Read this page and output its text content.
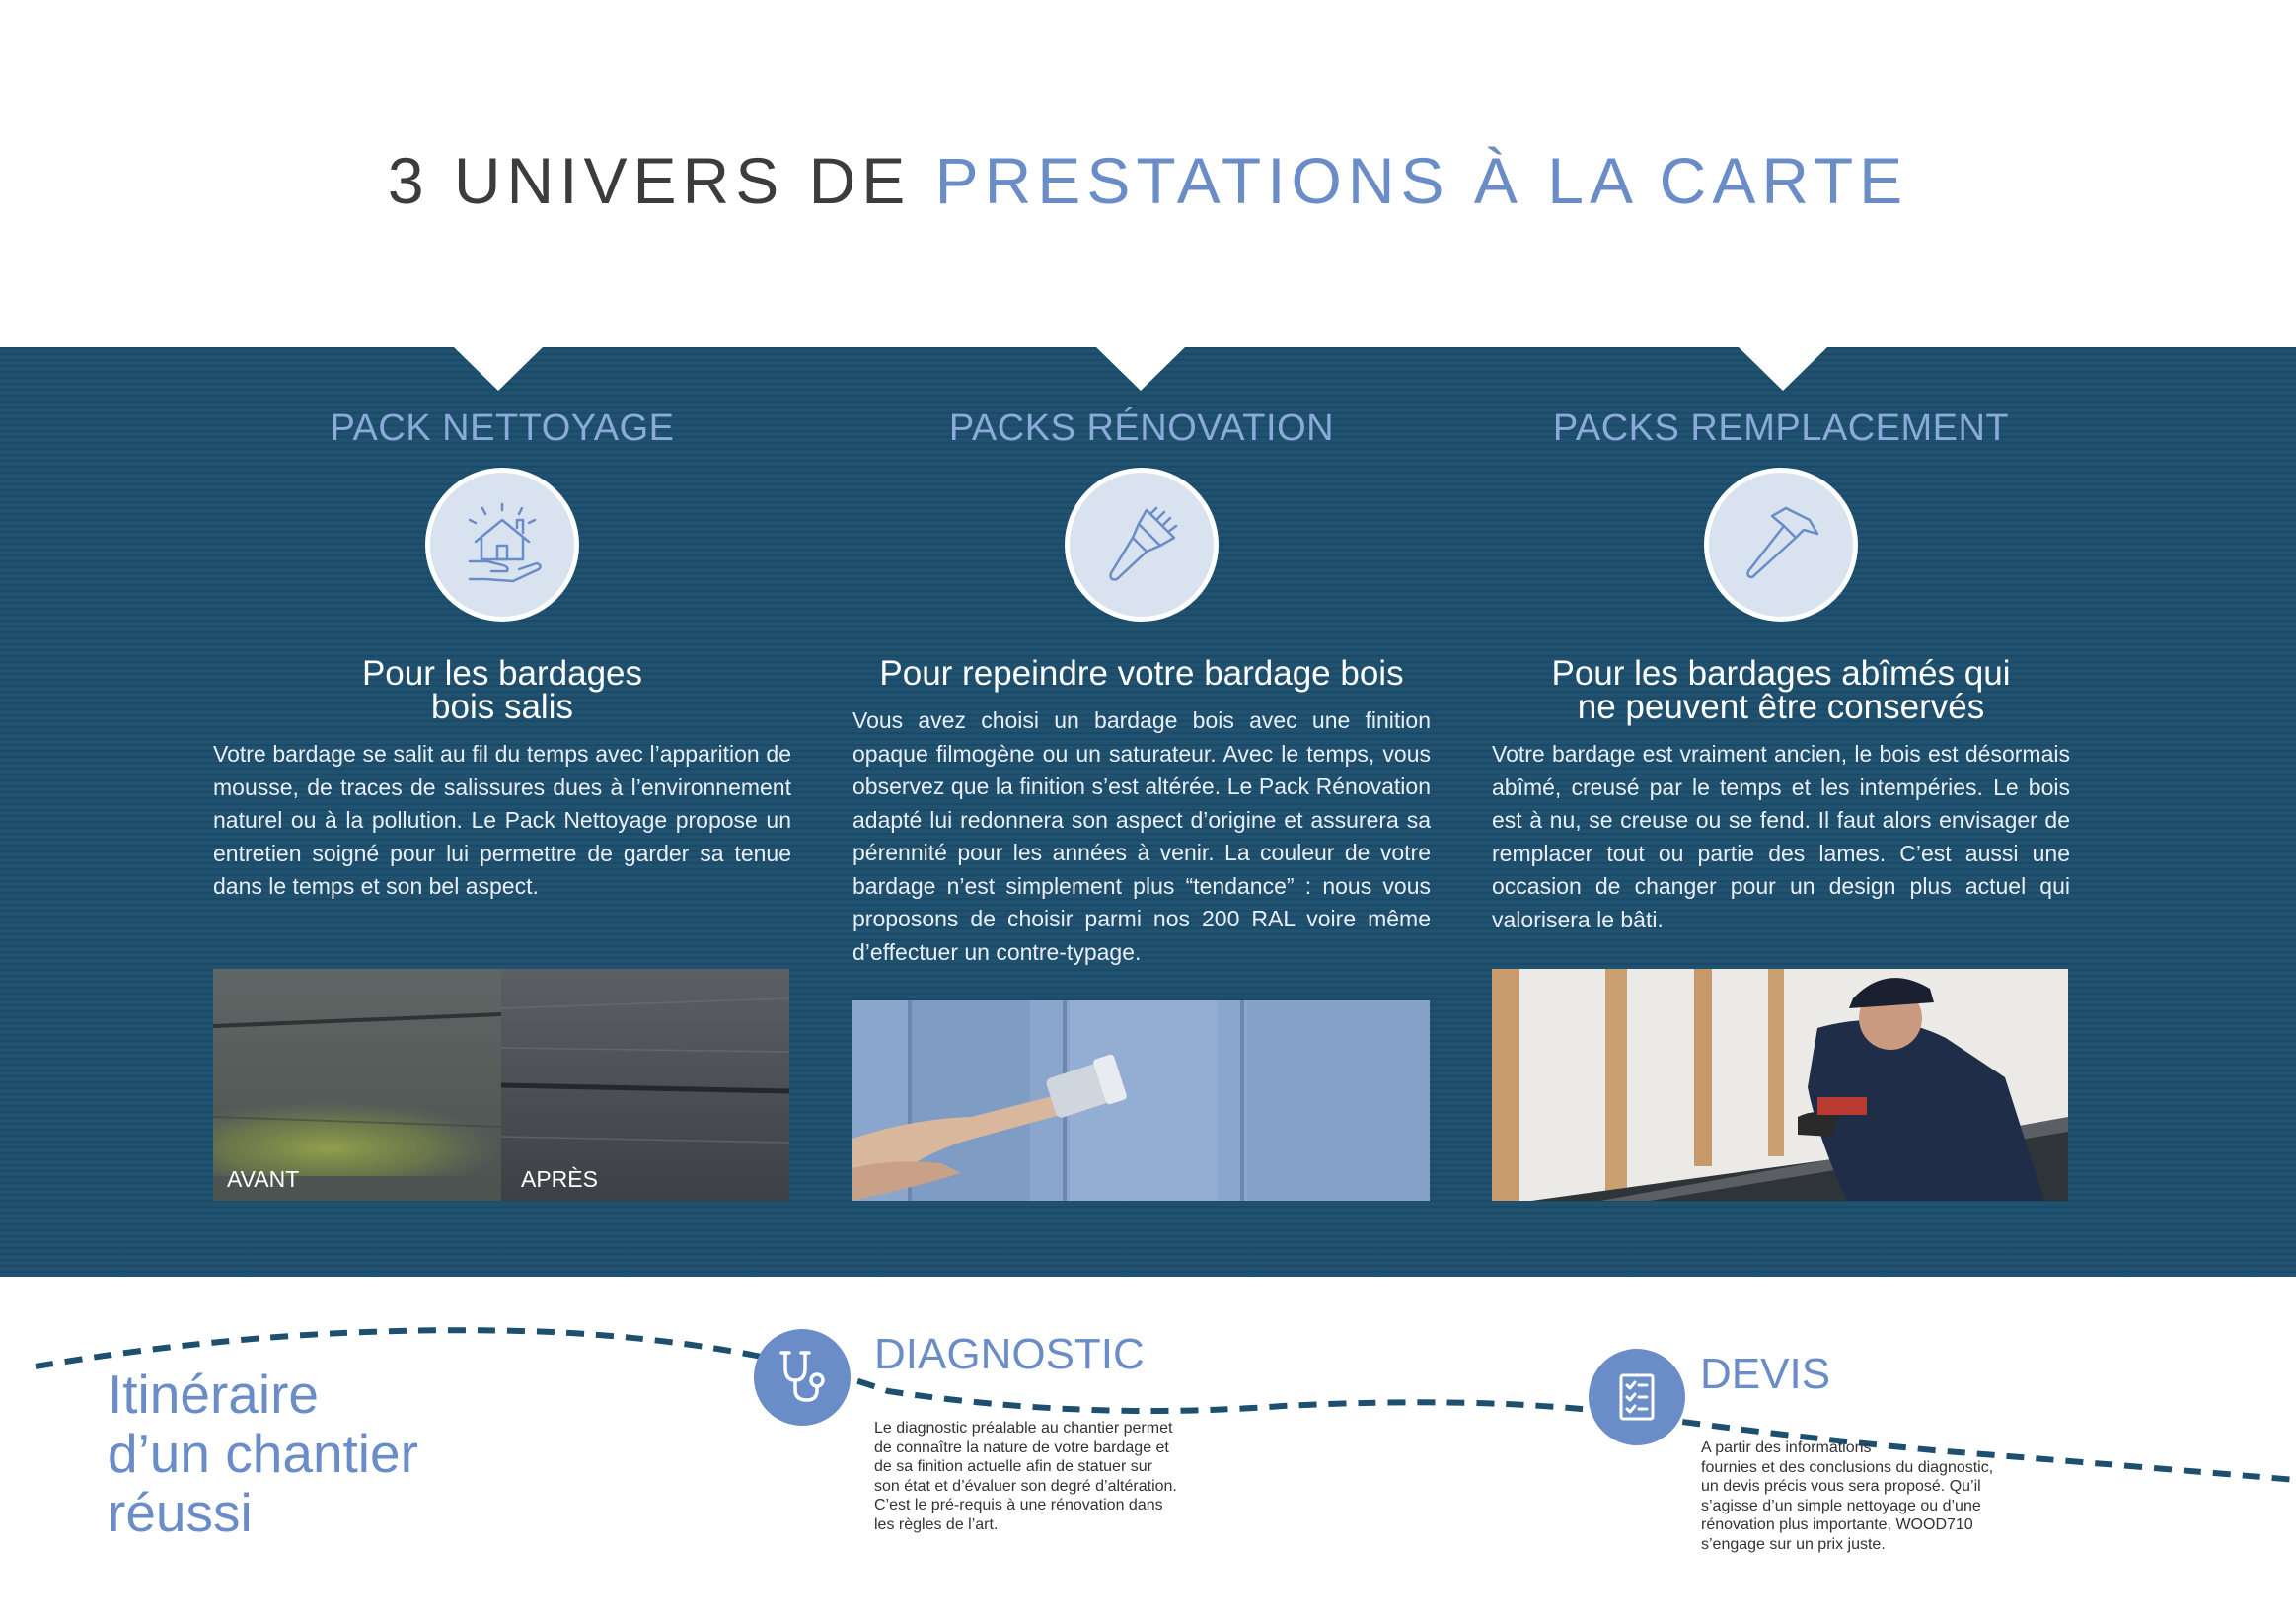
3 UNIVERS DE PRESTATIONS À LA CARTE
PACK NETTOYAGE
Pour les bardages
bois salis

Votre bardage se salit au fil du temps avec l’apparition de mousse, de traces de salissures dues à l’environnement naturel ou à la pollution. Le Pack Nettoyage propose un entretien soigné pour lui permettre de garder sa tenue dans le temps et son bel aspect.

PACKS RÉNOVATION
Pour repeindre votre bardage bois

Vous avez choisi un bardage bois avec une finition opaque filmogène ou un saturateur. Avec le temps, vous observez que la finition s’est altérée. Le Pack Rénovation adapté lui redonnera son aspect d’origine et assurera sa pérennité pour les années à venir. La couleur de votre bardage n’est simplement plus “tendance” : nous vous proposons de choisir parmi nos 200 RAL voire même d’effectuer un contre-typage.

PACKS REMPLACEMENT
Pour les bardages abîmés qui
ne peuvent être conservés

Votre bardage est vraiment ancien, le bois est désormais abîmé, creusé par le temps et les intempéries. Le bois est à nu, se creuse ou se fend. Il faut alors envisager de remplacer tout ou partie des lames. C’est aussi une occasion de changer pour un design plus actuel qui valorisera le bâti.

AVANT	APRÈS
Itinéraire
d’un chantier
réussi
DIAGNOSTIC
Le diagnostic préalable au chantier permet
de connaître la nature de votre bardage et
de sa finition actuelle afin de statuer sur
son état et d’évaluer son degré d’altération.
C’est le pré-requis à une rénovation dans
les règles de l’art.
DEVIS
A partir des informations
fournies et des conclusions du diagnostic,
un devis précis vous sera proposé. Qu’il
s’agisse d’un simple nettoyage ou d’une
rénovation plus importante, WOOD710
s’engage sur un prix juste.
